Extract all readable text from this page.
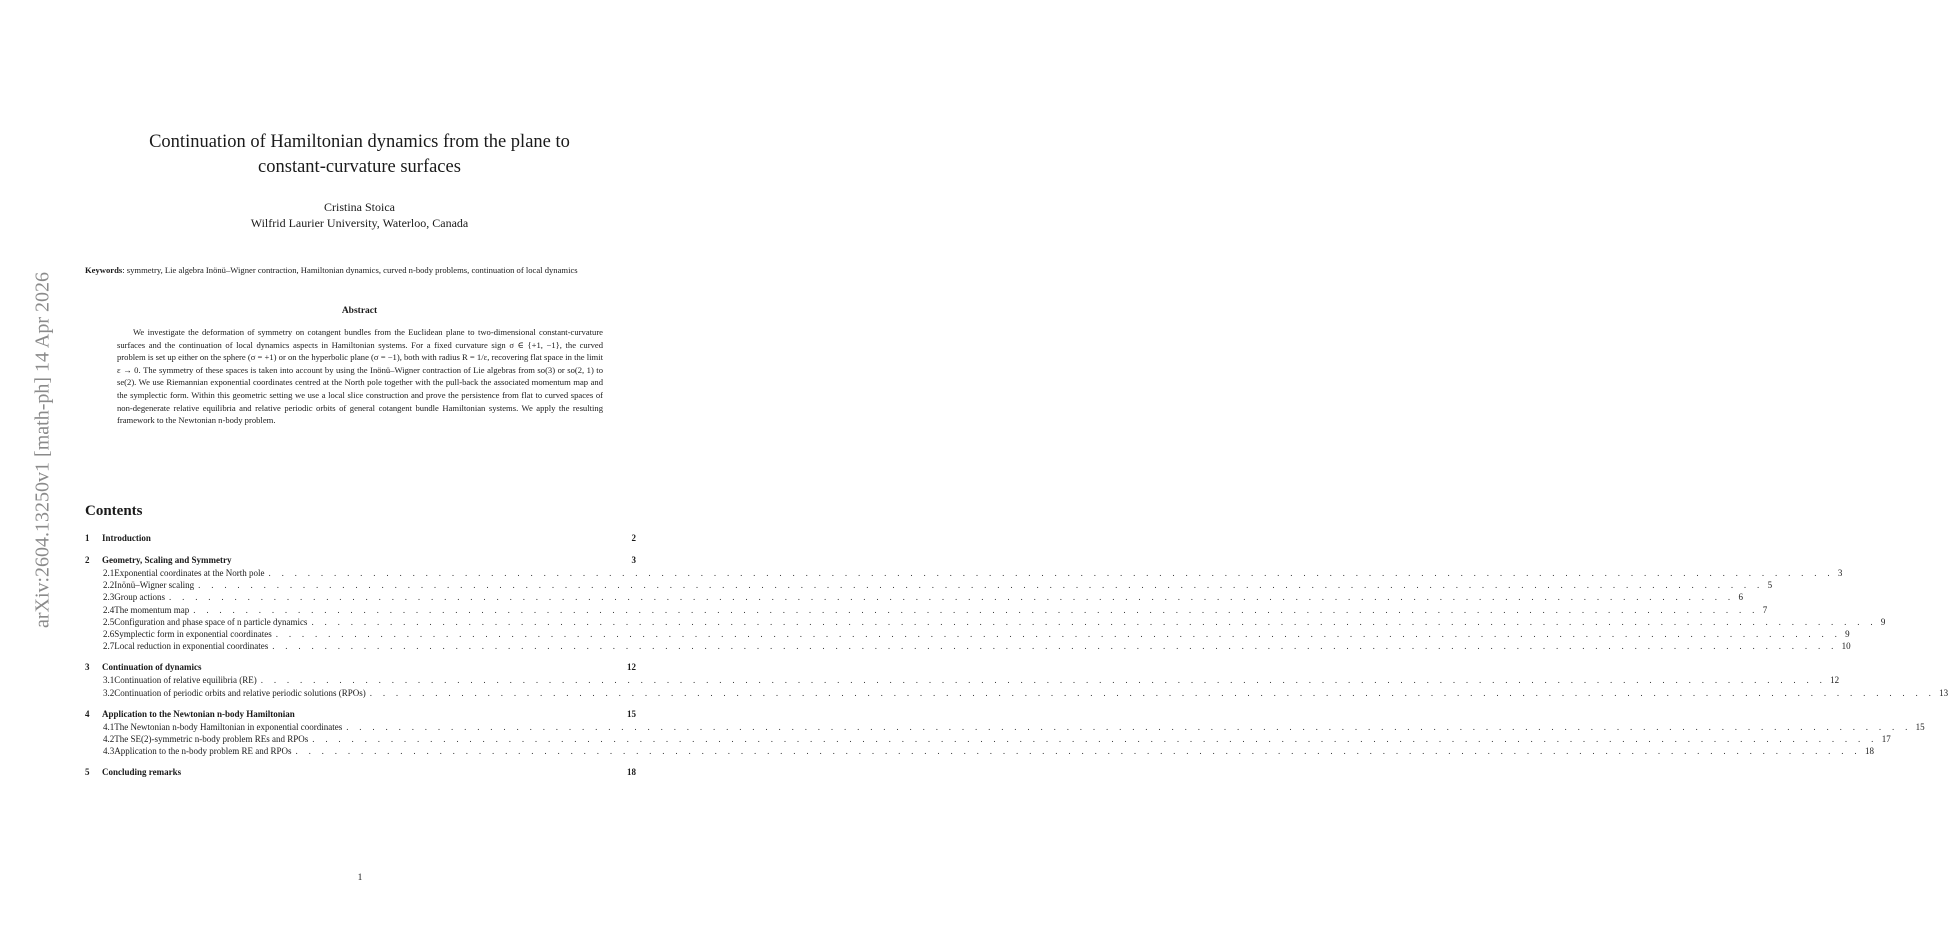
arXiv:2604.13250v1 [math-ph] 14 Apr 2026
Continuation of Hamiltonian dynamics from the plane to
constant-curvature surfaces
Cristina Stoica
Wilfrid Laurier University, Waterloo, Canada
Keywords: symmetry, Lie algebra Inönü–Wigner contraction, Hamiltonian dynamics, curved n-body problems, continuation of local dynamics
Abstract
We investigate the deformation of symmetry on cotangent bundles from the Euclidean plane to two-dimensional constant-curvature surfaces and the continuation of local dynamics aspects in Hamiltonian systems. For a fixed curvature sign σ ∈ {+1, −1}, the curved problem is set up either on the sphere (σ = +1) or on the hyperbolic plane (σ = −1), both with radius R = 1/ε, recovering flat space in the limit ε → 0. The symmetry of these spaces is taken into account by using the Inönü–Wigner contraction of Lie algebras from so(3) or so(2, 1) to se(2). We use Riemannian exponential coordinates centred at the North pole together with the pull-back the associated momentum map and the symplectic form. Within this geometric setting we use a local slice construction and prove the persistence from flat to curved spaces of non-degenerate relative equilibria and relative periodic orbits of general cotangent bundle Hamiltonian systems. We apply the resulting framework to the Newtonian n-body problem.
Contents
1	Introduction	2
2	Geometry, Scaling and Symmetry	3
2.1 Exponential coordinates at the North pole . . . . . . . . . . . . . . . . . . . . . . . . . . . . . . . . . . . . . . . . . . . . . . . . . . . . . . . . . . . . . . . . . . . . . . . . . . . . . . . . . . . . . . . . . . . . . . . . . . . . . . . . . . . . . . . . . . . . . . . . 3
2.2 Inönü–Wigner scaling . . . . . . . . . . . . . . . . . . . . . . . . . . . . . . . . . . . . . . . . . . . . . . . . . . . . . . . . . . . . . . . . . . . . . . . . . . . . . . . . . . . . . . . . . . . . . . . . . . . . . . . . . . . . . . . . . . . . . . . . 5
2.3 Group actions . . . . . . . . . . . . . . . . . . . . . . . . . . . . . . . . . . . . . . . . . . . . . . . . . . . . . . . . . . . . . . . . . . . . . . . . . . . . . . . . . . . . . . . . . . . . . . . . . . . . . . . . . . . . . . . . . . . . . . . . 6
2.4 The momentum map . . . . . . . . . . . . . . . . . . . . . . . . . . . . . . . . . . . . . . . . . . . . . . . . . . . . . . . . . . . . . . . . . . . . . . . . . . . . . . . . . . . . . . . . . . . . . . . . . . . . . . . . . . . . . . . . . . . . . . . . 7
2.5 Configuration and phase space of n particle dynamics . . . . . . . . . . . . . . . . . . . . . . . . . . . . . . . . . . . . . . . . . . . . . . . . . . . . . . . . . . . . . . . . . . . . . . . . . . . . . . . . . . . . . . . . . . . . . . . . . . . . . . . . . . . . . . . . . . . . . . . . 9
2.6 Symplectic form in exponential coordinates . . . . . . . . . . . . . . . . . . . . . . . . . . . . . . . . . . . . . . . . . . . . . . . . . . . . . . . . . . . . . . . . . . . . . . . . . . . . . . . . . . . . . . . . . . . . . . . . . . . . . . . . . . . . . . . . . . . . . . . . 9
2.7 Local reduction in exponential coordinates . . . . . . . . . . . . . . . . . . . . . . . . . . . . . . . . . . . . . . . . . . . . . . . . . . . . . . . . . . . . . . . . . . . . . . . . . . . . . . . . . . . . . . . . . . . . . . . . . . . . . . . . . . . . . . . . . . . . . . . . 10
3	Continuation of dynamics	12
3.1 Continuation of relative equilibria (RE) . . . . . . . . . . . . . . . . . . . . . . . . . . . . . . . . . . . . . . . . . . . . . . . . . . . . . . . . . . . . . . . . . . . . . . . . . . . . . . . . . . . . . . . . . . . . . . . . . . . . . . . . . . . . . . . . . . . . . . . . 12
3.2 Continuation of periodic orbits and relative periodic solutions (RPOs) . . . . . . . . . . . . . . . . . . . . . . . . . . . . . . . . . . . . . . . . . . . . . . . . . . . . . . . . . . . . . . . . . . . . . . . . . . . . . . . . . . . . . . . . . . . . . . . . . . . . . . . . . . . . . . . . . . . . . . . . 13
4	Application to the Newtonian n-body Hamiltonian	15
4.1 The Newtonian n-body Hamiltonian in exponential coordinates . . . . . . . . . . . . . . . . . . . . . . . . . . . . . . . . . . . . . . . . . . . . . . . . . . . . . . . . . . . . . . . . . . . . . . . . . . . . . . . . . . . . . . . . . . . . . . . . . . . . . . . . . . . . . . . . . . . . . . . . 15
4.2 The SE(2)-symmetric n-body problem REs and RPOs . . . . . . . . . . . . . . . . . . . . . . . . . . . . . . . . . . . . . . . . . . . . . . . . . . . . . . . . . . . . . . . . . . . . . . . . . . . . . . . . . . . . . . . . . . . . . . . . . . . . . . . . . . . . . . . . . . . . . . . . 17
4.3 Application to the n-body problem RE and RPOs . . . . . . . . . . . . . . . . . . . . . . . . . . . . . . . . . . . . . . . . . . . . . . . . . . . . . . . . . . . . . . . . . . . . . . . . . . . . . . . . . . . . . . . . . . . . . . . . . . . . . . . . . . . . . . . . . . . . . . . . 18
5	Concluding remarks	18
1
